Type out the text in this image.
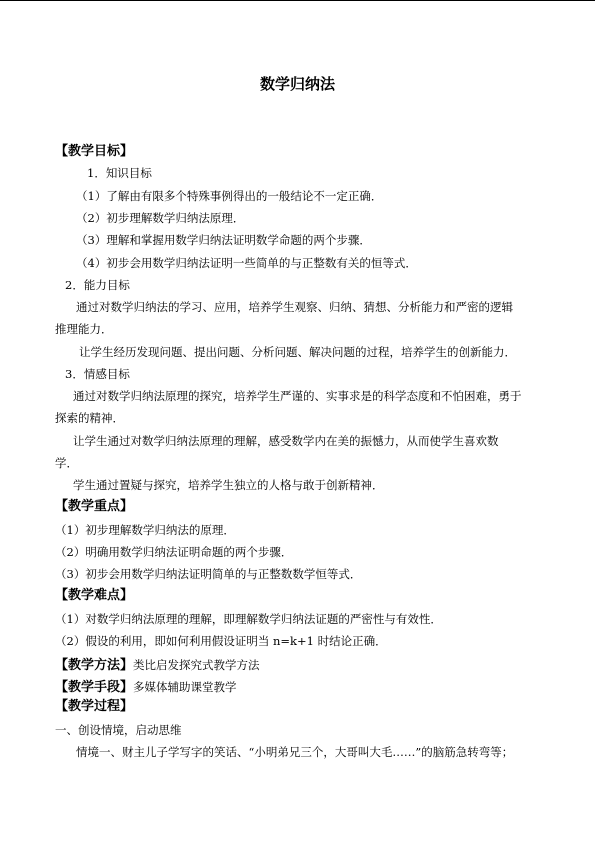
数学归纳法
【教学目标】
1．知识目标
（1）了解由有限多个特殊事例得出的一般结论不一定正确．
（2）初步理解数学归纳法原理．
（3）理解和掌握用数学归纳法证明数学命题的两个步骤．
（4）初步会用数学归纳法证明一些简单的与正整数有关的恒等式．
2．能力目标
通过对数学归纳法的学习、应用，培养学生观察、归纳、猜想、分析能力和严密的逻辑
推理能力．
让学生经历发现问题、提出问题、分析问题、解决问题的过程，培养学生的创新能力．
3．情感目标
通过对数学归纳法原理的探究，培养学生严谨的、实事求是的科学态度和不怕困难，勇于
探索的精神．
让学生通过对数学归纳法原理的理解，感受数学内在美的振憾力，从而使学生喜欢数
学．
学生通过置疑与探究，培养学生独立的人格与敢于创新精神．
【教学重点】
（1）初步理解数学归纳法的原理．
（2）明确用数学归纳法证明命题的两个步骤．
（3）初步会用数学归纳法证明简单的与正整数数学恒等式．
【教学难点】
（1）对数学归纳法原理的理解，即理解数学归纳法证题的严密性与有效性．
（2）假设的利用，即如何利用假设证明当 n=k+1 时结论正确．
【教学方法】类比启发探究式教学方法
【教学手段】多媒体辅助课堂教学
【教学过程】
一、创设情境，启动思维
情境一、财主儿子学写字的笑话、“小明弟兄三个，大哥叫大毛……”的脑筋急转弯等；
